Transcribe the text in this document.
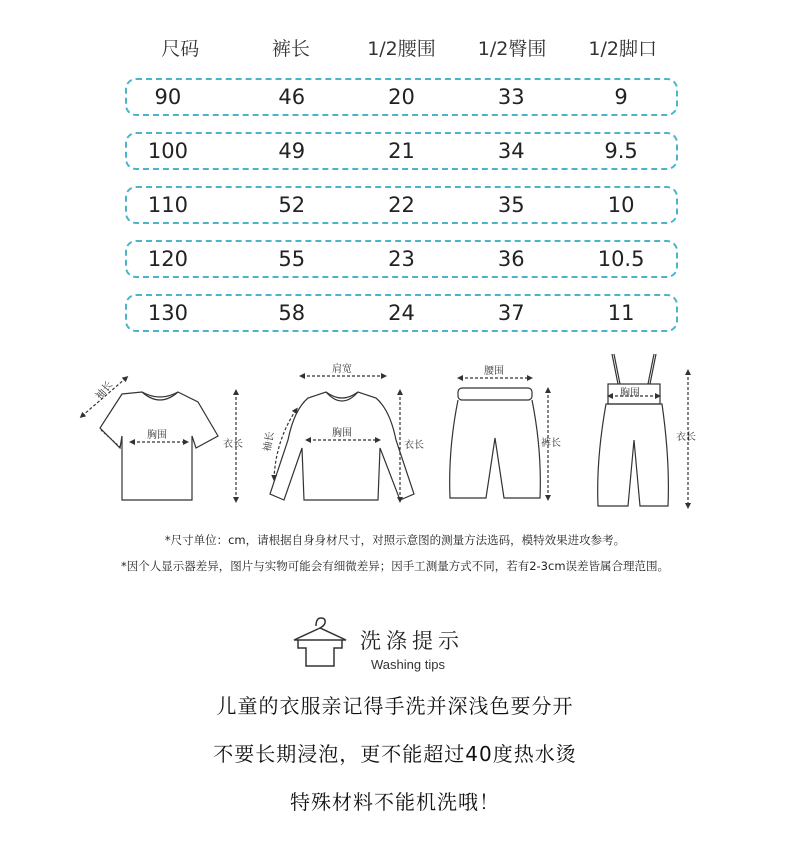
尺码	裤长	1/2腰围	1/2臀围	1/2脚口
90	46	20	33	9
100	49	21	34	9.5
110	52	22	35	10
120	55	23	36	10.5
130	58	24	37	11
袖长
胸围
衣长
肩宽
胸围
衣长
袖长
腰围
裤长
胸围
衣长
*尺寸单位：cm，请根据自身身材尺寸，对照示意图的测量方法选码，模特效果进攻参考。
*因个人显示器差异，图片与实物可能会有细微差异；因手工测量方式不同，若有2-3cm误差皆属合理范围。
洗涤提示
Washing tips
儿童的衣服亲记得手洗并深浅色要分开
不要长期浸泡，更不能超过40度热水烫
特殊材料不能机洗哦！
